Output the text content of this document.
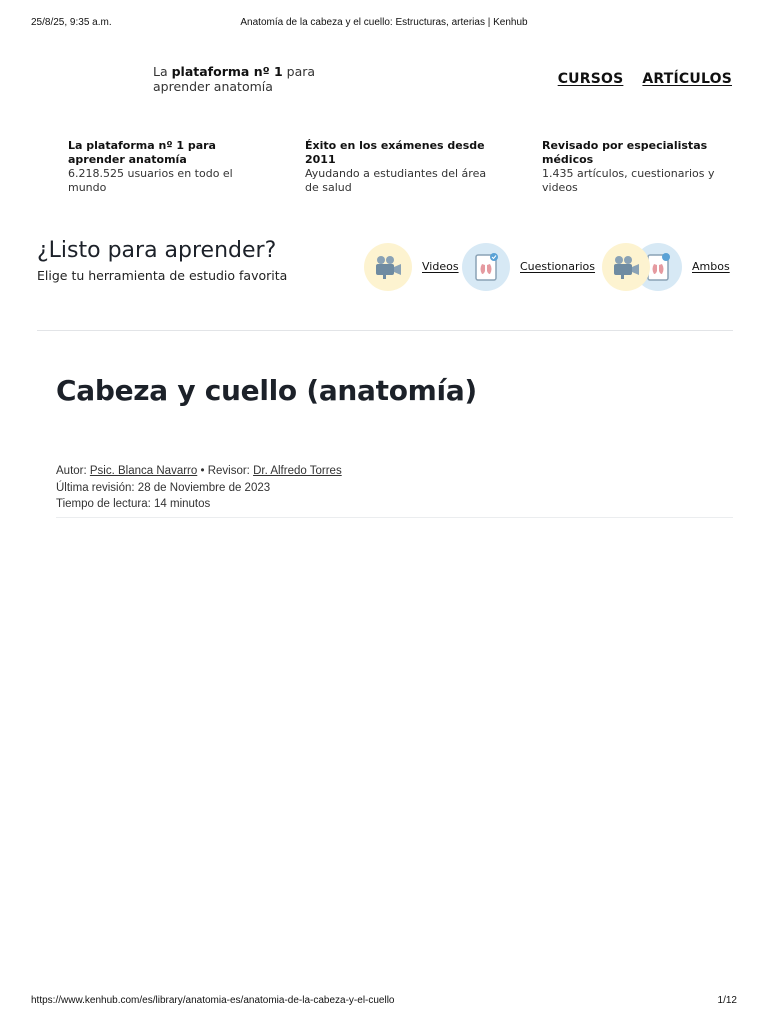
25/8/25, 9:35 a.m.	Anatomía de la cabeza y el cuello: Estructuras, arterias | Kenhub
La plataforma nº 1 para aprender anatomía	CURSOS ARTÍCULOS
La plataforma nº 1 para aprender anatomía
6.218.525 usuarios en todo el mundo
Éxito en los exámenes desde 2011
Ayudando a estudiantes del área de salud
Revisado por especialistas médicos
1.435 artículos, cuestionarios y videos
¿Listo para aprender?
Elige tu herramienta de estudio favorita
Videos	Cuestionarios	Ambos
Cabeza y cuello (anatomía)
Autor: Psic. Blanca Navarro • Revisor: Dr. Alfredo Torres
Última revisión: 28 de Noviembre de 2023
Tiempo de lectura: 14 minutos
https://www.kenhub.com/es/library/anatomia-es/anatomia-de-la-cabeza-y-el-cuello	1/12
